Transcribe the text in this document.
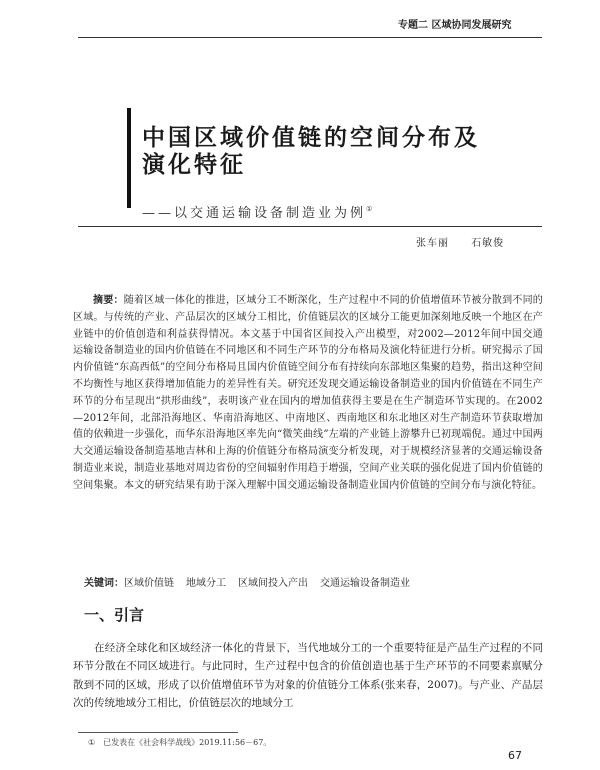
专题二 区域协同发展研究
中国区域价值链的空间分布及
演化特征
——以交通运输设备制造业为例①
张车丽 石敏俊

摘要：随着区域一体化的推进，区域分工不断深化，生产过程中不同的价值增值环节被分散到不同的区域。与传统的产业、产品层次的区域分工相比，价值链层次的区域分工能更加深刻地反映一个地区在产业链中的价值创造和利益获得情况。本文基于中国省区间投入产出模型，对2002—2012年间中国交通运输设备制造业的国内价值链在不同地区和不同生产环节的分布格局及演化特征进行分析。研究揭示了国内价值链“东高西低”的空间分布格局且国内价值链空间分布有持续向东部地区集聚的趋势，指出这种空间不均衡性与地区获得增加值能力的差异性有关。研究还发现交通运输设备制造业的国内价值链在不同生产环节的分布呈现出“拱形曲线”，表明该产业在国内的增加值获得主要是在生产制造环节实现的。在2002—2012年间，北部沿海地区、华南沿海地区、中南地区、西南地区和东北地区对生产制造环节获取增加值的依赖进一步强化，而华东沿海地区率先向“微笑曲线”左端的产业链上游攀升已初现端倪。通过中国两大交通运输设备制造基地吉林和上海的价值链分布格局演变分析发现，对于规模经济显著的交通运输设备制造业来说，制造业基地对周边省份的空间辐射作用趋于增强，空间产业关联的强化促进了国内价值链的空间集聚。本文的研究结果有助于深入理解中国交通运输设备制造业国内价值链的空间分布与演化特征。

关键词：区域价值链 地域分工 区域间投入产出 交通运输设备制造业
一、引言

在经济全球化和区域经济一体化的背景下，当代地域分工的一个重要特征是产品生产过程的不同环节分散在不同区域进行。与此同时，生产过程中包含的价值创造也基于生产环节的不同要素禀赋分散到不同的区域，形成了以价值增值环节为对象的价值链分工体系(张来春，2007)。与产业、产品层次的传统地域分工相比，价值链层次的地域分工

① 已发表在《社会科学战线》2019.11:56－67。
67
